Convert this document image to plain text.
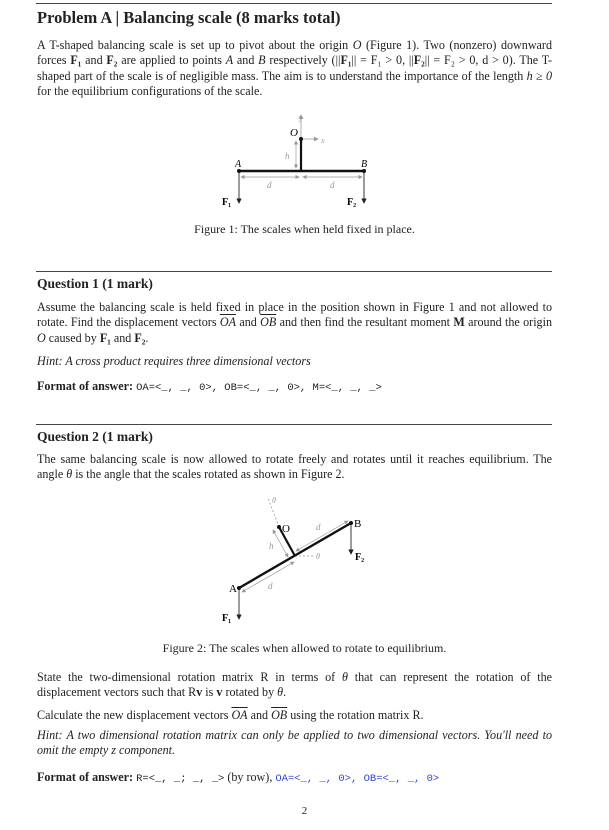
Problem A | Balancing scale (8 marks total)
A T-shaped balancing scale is set up to pivot about the origin O (Figure 1). Two (nonzero) downward forces F₁ and F₂ are applied to points A and B respectively (||F₁|| = F₁ > 0, ||F₂|| = F₂ > 0, d > 0). The T-shaped part of the scale is of negligible mass. The aim is to understand the importance of the length h ≥ 0 for the equilibrium configurations of the scale.
O
y
x
h
A	B
d	d
F₁	F₂
θ
O	d
h
θ
B
F₂
A	d
F₁
Figure 1: The scales when held fixed in place.
Question 1 (1 mark)
Assume the balancing scale is held fixed in place in the position shown in Figure 1 and not allowed to rotate. Find the displacement vectors $\overline{OA}$ and $\overline{OB}$ and then find the resultant moment M around the origin O caused by F₁ and F₂.
Hint: A cross product requires three dimensional vectors
Format of answer: OA=<_, _, 0>, OB=<_, _, 0>, M=<_, _, _>
Question 2 (1 mark)
The same balancing scale is now allowed to rotate freely and rotates until it reaches equilibrium. The angle θ is the angle that the scales rotated as shown in Figure 2.
Figure 2: The scales when allowed to rotate to equilibrium.
State the two-dimensional rotation matrix R in terms of θ that can represent the rotation of the displacement vectors such that Rv is v rotated by θ.
Calculate the new displacement vectors $\overline{OA}$ and $\overline{OB}$ using the rotation matrix R.
Hint: A two dimensional rotation matrix can only be applied to two dimensional vectors. You'll need to omit the empty z component.
Format of answer: R=<_, _; _, _> (by row), OA=<_, _, 0>, OB=<_, _, 0>
2
